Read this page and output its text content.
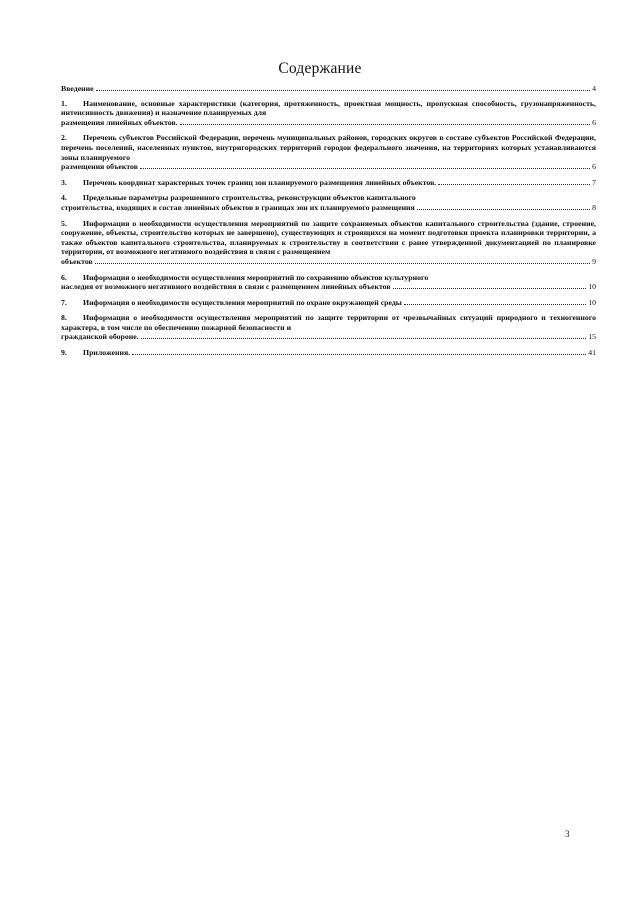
Содержание
Введение	4
1. Наименование, основные характеристики (категория, протяженность, проектная мощность, пропускная способность, грузонапряженность, интенсивность движения) и назначение планируемых для
размещения линейных объектов.	6
2. Перечень субъектов Российской Федерации, перечень муниципальных районов, городских округов в составе субъектов Российской Федерации, перечень поселений, населенных пунктов, внутригородских территорий городов федерального значения, на территориях которых устанавливаются зоны планируемого
размещения объектов	6
3. Перечень координат характерных точек границ зон планируемого размещения линейных объектов.	7
4. Предельные параметры разрешенного строительства, реконструкции объектов капитального
строительства, входящих в состав линейных объектов в границах зон их планируемого размещения	8
5. Информация о необходимости осуществления мероприятий по защите сохраняемых объектов капитального строительства (здание, строение, сооружение, объекты, строительство которых не завершено), существующих и строящихся на момент подготовки проекта планировки территории, а также объектов капитального строительства, планируемых к строительству в соответствии с ранее утвержденной документацией по планировке территории, от возможного негативного воздействия в связи с размещением
объектов	9
6. Информация о необходимости осуществления мероприятий по сохранению объектов культурного
наследия от возможного негативного воздействия в связи с размещением линейных объектов	10
7. Информация о необходимости осуществления мероприятий по охране окружающей среды	10
8. Информация о необходимости осуществления мероприятий по защите территории от чрезвычайных ситуаций природного и техногенного характера, в том числе по обеспечению пожарной безопасности и
гражданской обороне.	15
9. Приложения.	41
3
